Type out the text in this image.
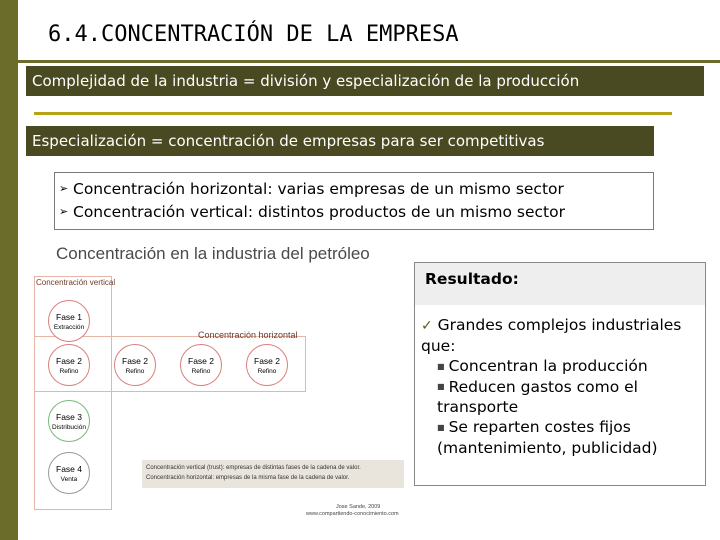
6.4.CONCENTRACIÓN DE LA EMPRESA
Complejidad de la industria = división y especialización de la producción
Especialización = concentración de empresas para ser competitivas
➢ Concentración horizontal: varias empresas de un mismo sector
➢ Concentración vertical: distintos productos de un mismo sector
Concentración en la industria del petróleo
Concentración vertical
Concentración horizontal
Fase 1
Extracción
Fase 2
Refino
Fase 2
Refino
Fase 2
Refino
Fase 2
Refino
Fase 3
Distribución
Fase 4
Venta
Concentración vertical (trust): empresas de distintas fases de la cadena de valor.
Concentración horizontal: empresas de la misma fase de la cadena de valor.
Jose Sande, 2009
www.compartiendo-conocimiento.com
Resultado:
✓ Grandes complejos industriales que:
■ Concentran la producción
■ Reducen gastos como el transporte
■ Se reparten costes fijos (mantenimiento, publicidad)
